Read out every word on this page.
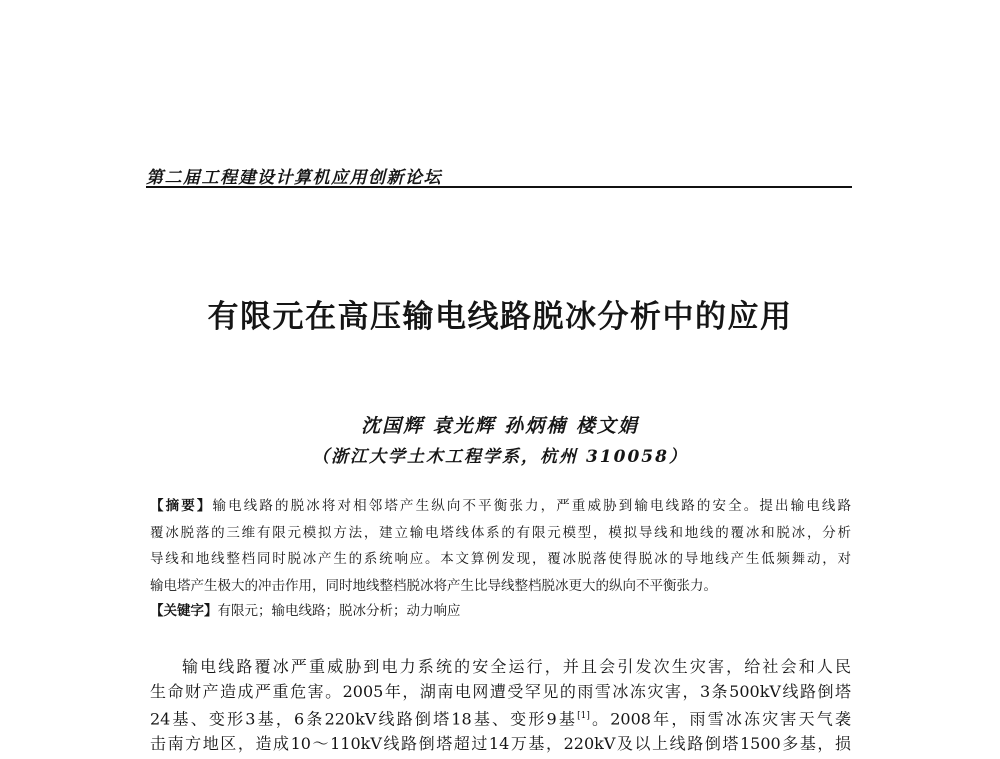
第二届工程建设计算机应用创新论坛
有限元在高压输电线路脱冰分析中的应用
沈国辉 袁光辉 孙炳楠 楼文娟
（浙江大学土木工程学系，杭州 310058）
【摘要】输电线路的脱冰将对相邻塔产生纵向不平衡张力，严重威胁到输电线路的安全。提出输电线路
覆冰脱落的三维有限元模拟方法，建立输电塔线体系的有限元模型，模拟导线和地线的覆冰和脱冰，分析
导线和地线整档同时脱冰产生的系统响应。本文算例发现，覆冰脱落使得脱冰的导地线产生低频舞动，对
输电塔产生极大的冲击作用，同时地线整档脱冰将产生比导线整档脱冰更大的纵向不平衡张力。
【关键字】有限元；输电线路；脱冰分析；动力响应
输电线路覆冰严重威胁到电力系统的安全运行，并且会引发次生灾害，给社会和人民
生命财产造成严重危害。2005年，湖南电网遭受罕见的雨雪冰冻灾害，3条500kV线路倒塔
24基、变形3基，6条220kV线路倒塔18基、变形9基[1]。2008年，雨雪冰冻灾害天气袭
击南方地区，造成10～110kV线路倒塔超过14万基，220kV及以上线路倒塔1500多基，损
